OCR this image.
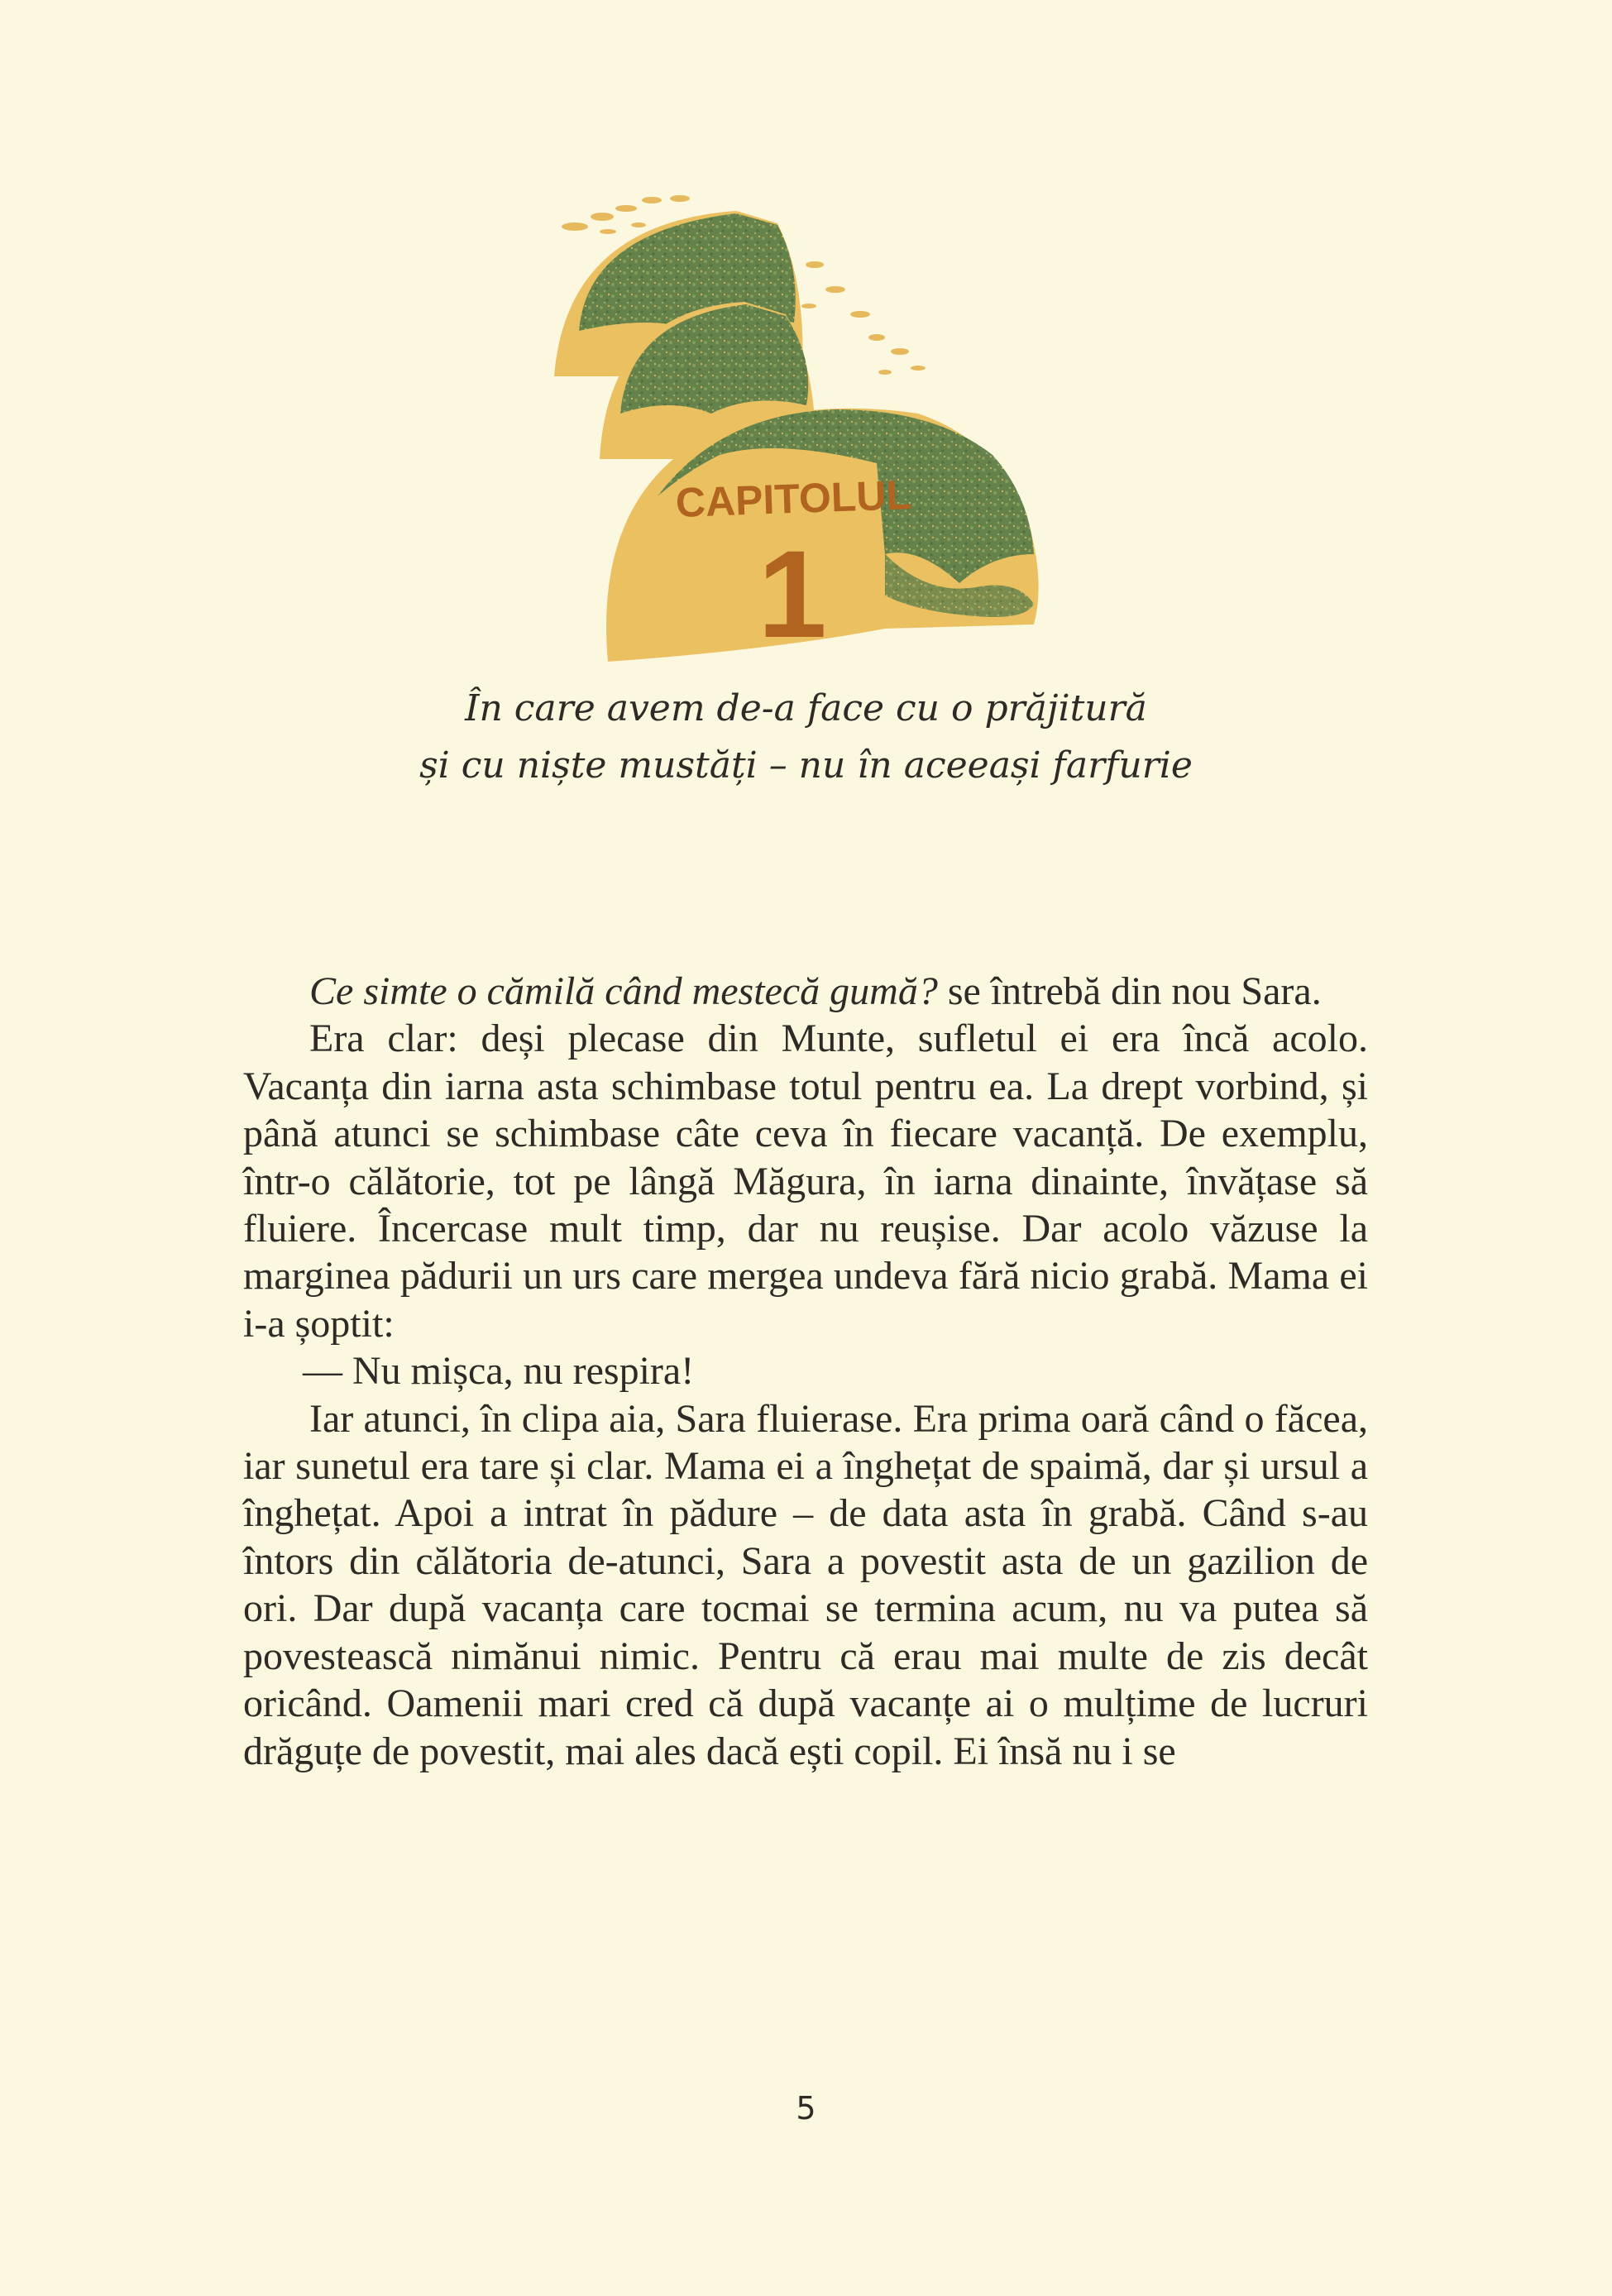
CAPITOLUL
1
În care avem de-a face cu o prăjitură
și cu niște mustăți – nu în aceeași farfurie

Ce simte o cămilă când mestecă gumă? se întrebă din nou Sara.

Era clar: deși plecase din Munte, sufletul ei era încă acolo. Vacanța din iarna asta schimbase totul pentru ea. La drept vorbind, și până atunci se schimbase câte ceva în fiecare vacanță. De exemplu, într-o călătorie, tot pe lângă Măgura, în iarna dinainte, învățase să fluiere. Încercase mult timp, dar nu reușise. Dar acolo văzuse la marginea pădurii un urs care mergea undeva fără nicio grabă. Mama ei i-a șoptit:

— Nu mișca, nu respira!

Iar atunci, în clipa aia, Sara fluierase. Era prima oară când o făcea, iar sunetul era tare și clar. Mama ei a înghețat de spaimă, dar și ursul a înghețat. Apoi a intrat în pădure – de data asta în grabă. Când s-au întors din călătoria de-atunci, Sara a povestit asta de un gazilion de ori. Dar după vacanța care tocmai se termina acum, nu va putea să povestească nimănui nimic. Pentru că erau mai multe de zis decât oricând. Oamenii mari cred că după vacanțe ai o mulțime de lucruri drăguțe de povestit, mai ales dacă ești copil. Ei însă nu i se

5
